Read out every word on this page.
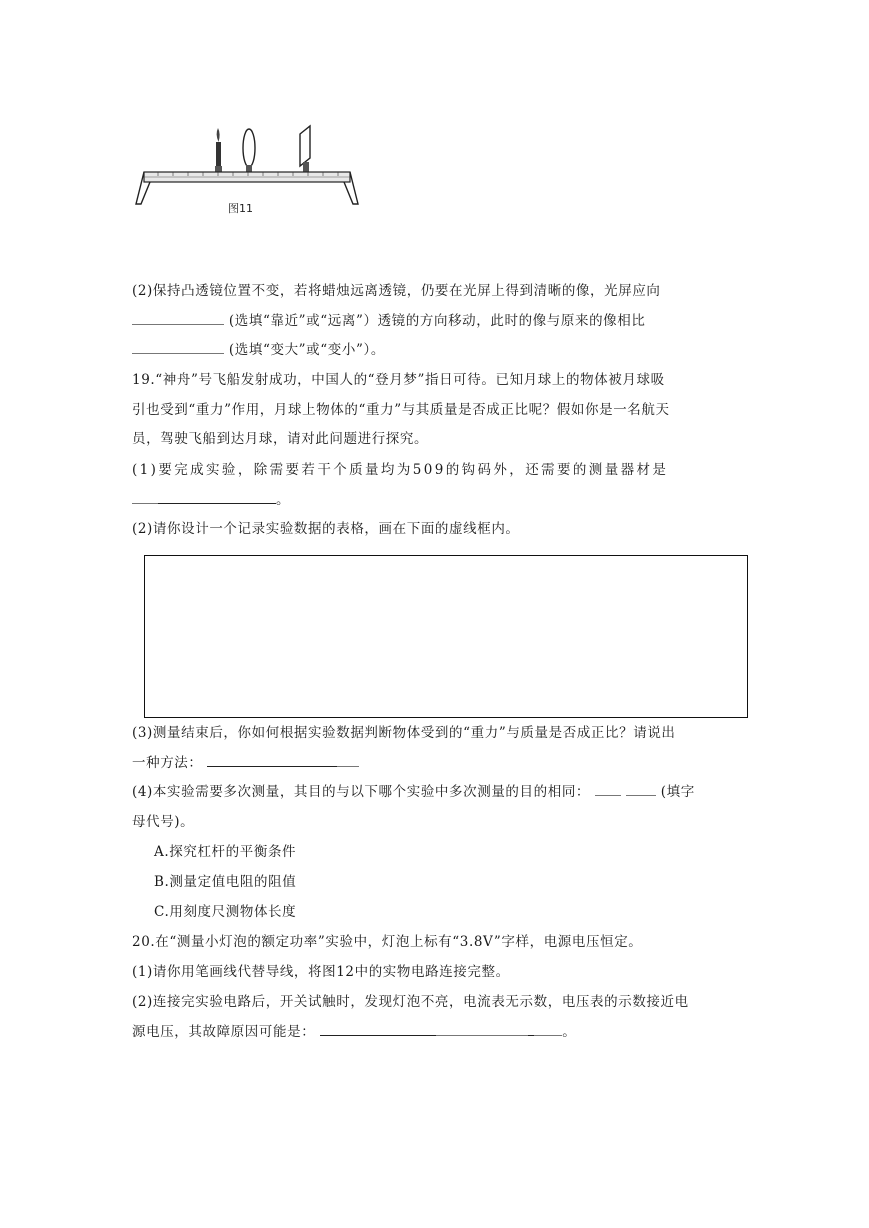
图11
(2)保持凸透镜位置不变，若将蜡烛远离透镜，仍要在光屏上得到清晰的像，光屏应向
(选填“靠近”或“远离”）透镜的方向移动，此时的像与原来的像相比
(选填“变大”或“变小”）。
19.“神舟”号飞船发射成功，中国人的“登月梦”指日可待。已知月球上的物体被月球吸
引也受到“重力”作用，月球上物体的“重力”与其质量是否成正比呢？假如你是一名航天
员，驾驶飞船到达月球，请对此问题进行探究。
(1)要完成实验，除需要若干个质量均为509的钩码外，还需要的测量器材是
。
(2)请你设计一个记录实验数据的表格，画在下面的虚线框内。
(3)测量结束后，你如何根据实验数据判断物体受到的“重力”与质量是否成正比？请说出
一种方法：
(4)本实验需要多次测量，其目的与以下哪个实验中多次测量的目的相同：	(填字
母代号)。
A.探究杠杆的平衡条件
B.测量定值电阻的阻值
C.用刻度尺测物体长度
20.在“测量小灯泡的额定功率”实验中，灯泡上标有“3.8V”字样，电源电压恒定。
(1)请你用笔画线代替导线，将图12中的实物电路连接完整。
(2)连接完实验电路后，开关试触时，发现灯泡不亮，电流表无示数，电压表的示数接近电
源电压，其故障原因可能是：	。
